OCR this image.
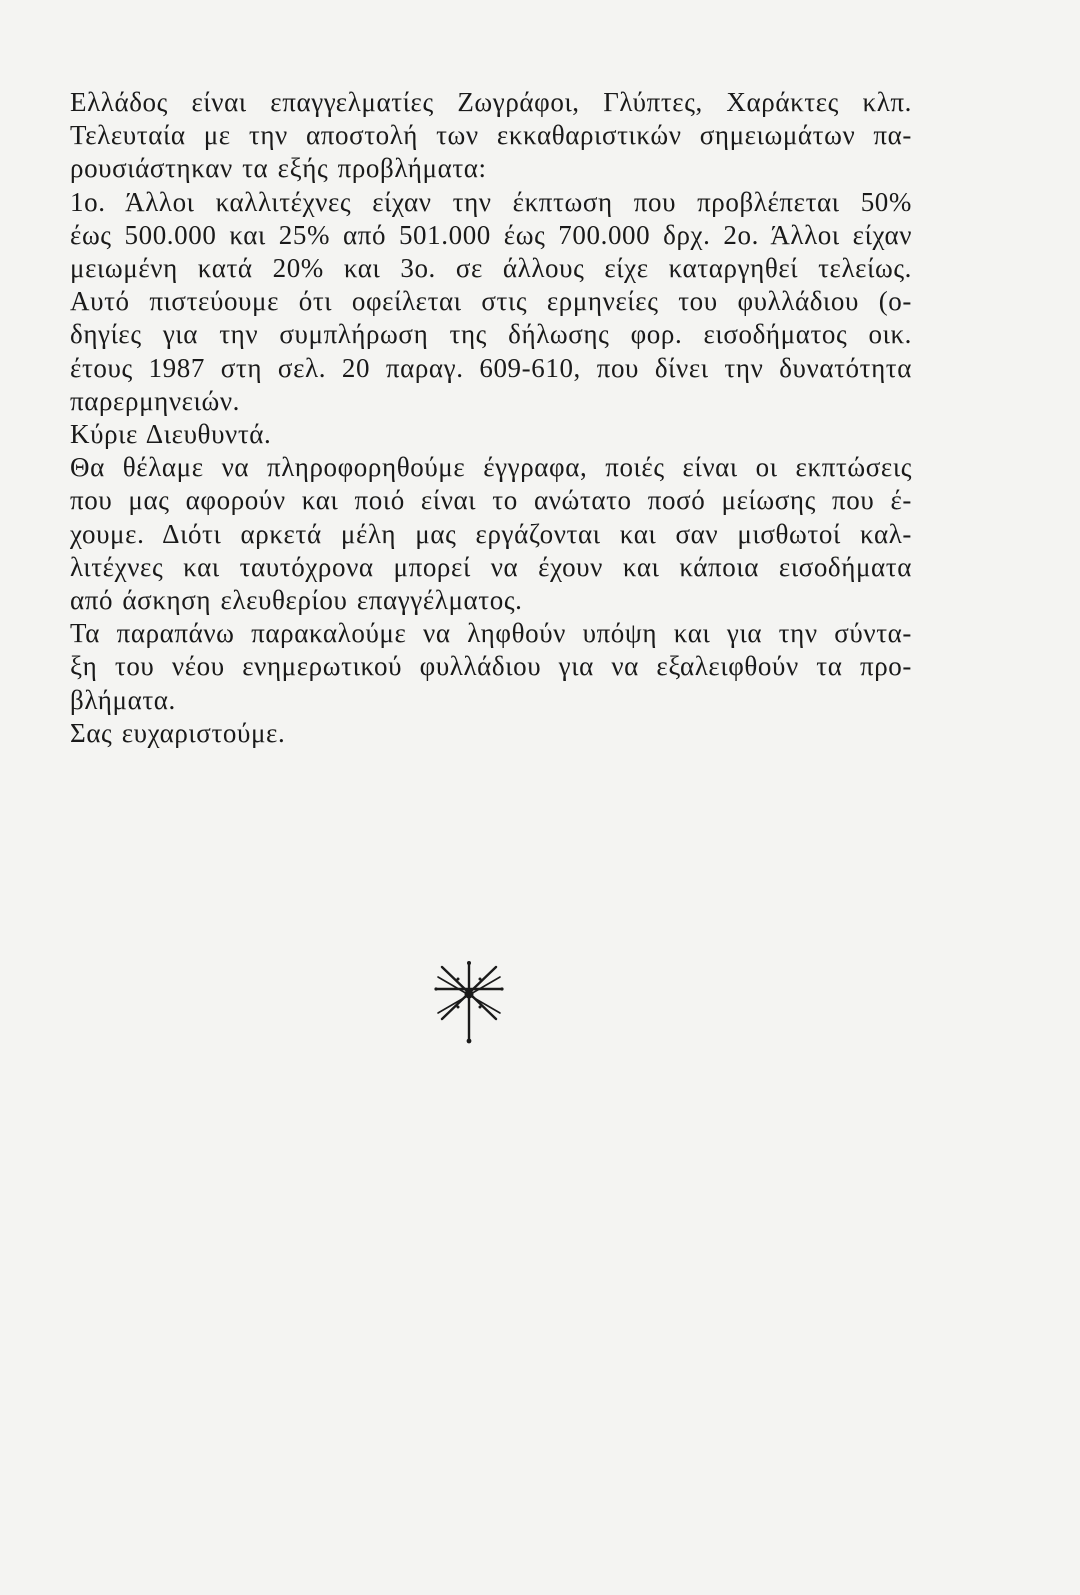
Ελλάδος είναι επαγγελματίες Ζωγράφοι, Γλύπτες, Χαράκτες κλπ.
Τελευταία με την αποστολή των εκκαθαριστικών σημειωμάτων πα-
ρουσιάστηκαν τα εξής προβλήματα:
1ο. Άλλοι καλλιτέχνες είχαν την έκπτωση που προβλέπεται 50%
έως 500.000 και 25% από 501.000 έως 700.000 δρχ. 2ο. Άλλοι είχαν
μειωμένη κατά 20% και 3ο. σε άλλους είχε καταργηθεί τελείως.
Αυτό πιστεύουμε ότι οφείλεται στις ερμηνείες του φυλλάδιου (ο-
δηγίες για την συμπλήρωση της δήλωσης φορ. εισοδήματος οικ.
έτους 1987 στη σελ. 20 παραγ. 609-610, που δίνει την δυνατότητα
παρερμηνειών.
Κύριε Διευθυντά.
Θα θέλαμε να πληροφορηθούμε έγγραφα, ποιές είναι οι εκπτώσεις
που μας αφορούν και ποιό είναι το ανώτατο ποσό μείωσης που έ-
χουμε. Διότι αρκετά μέλη μας εργάζονται και σαν μισθωτοί καλ-
λιτέχνες και ταυτόχρονα μπορεί να έχουν και κάποια εισοδήματα
από άσκηση ελευθερίου επαγγέλματος.
Τα παραπάνω παρακαλούμε να ληφθούν υπόψη και για την σύντα-
ξη του νέου ενημερωτικού φυλλάδιου για να εξαλειφθούν τα προ-
βλήματα.
Σας ευχαριστούμε.
